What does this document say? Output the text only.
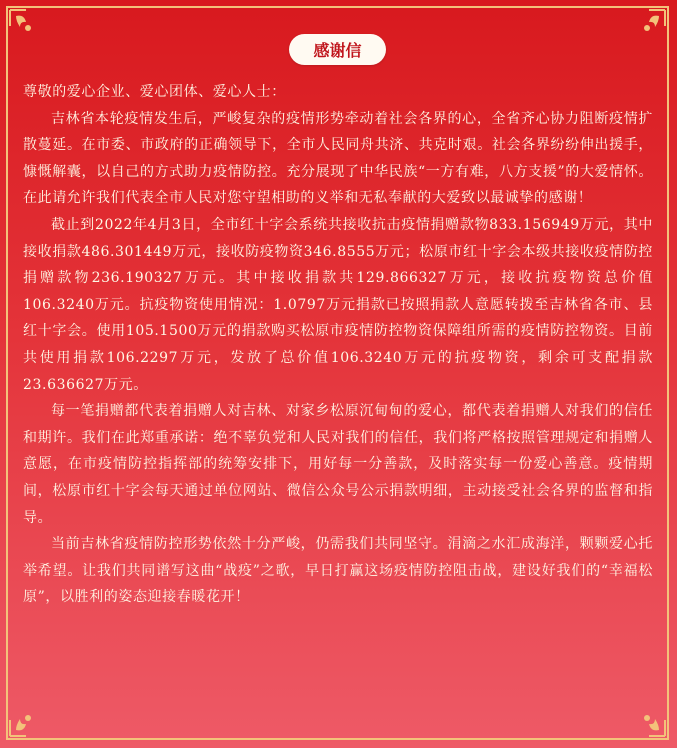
感谢信

尊敬的爱心企业、爱心团体、爱心人士：

吉林省本轮疫情发生后，严峻复杂的疫情形势牵动着社会各界的心，全省齐心协力阻断疫情扩散蔓延。在市委、市政府的正确领导下，全市人民同舟共济、共克时艰。社会各界纷纷伸出援手，慷慨解囊，以自己的方式助力疫情防控。充分展现了中华民族“一方有难，八方支援”的大爱情怀。在此请允许我们代表全市人民对您守望相助的义举和无私奉献的大爱致以最诚挚的感谢！

截止到2022年4月3日，全市红十字会系统共接收抗击疫情捐赠款物833.156949万元，其中接收捐款486.301449万元，接收防疫物资346.8555万元；松原市红十字会本级共接收疫情防控捐赠款物236.190327万元。其中接收捐款共129.866327万元，接收抗疫物资总价值106.3240万元。抗疫物资使用情况：1.0797万元捐款已按照捐款人意愿转拨至吉林省各市、县红十字会。使用105.1500万元的捐款购买松原市疫情防控物资保障组所需的疫情防控物资。目前共使用捐款106.2297万元，发放了总价值106.3240万元的抗疫物资，剩余可支配捐款23.636627万元。

每一笔捐赠都代表着捐赠人对吉林、对家乡松原沉甸甸的爱心，都代表着捐赠人对我们的信任和期许。我们在此郑重承诺：绝不辜负党和人民对我们的信任，我们将严格按照管理规定和捐赠人意愿，在市疫情防控指挥部的统筹安排下，用好每一分善款，及时落实每一份爱心善意。疫情期间，松原市红十字会每天通过单位网站、微信公众号公示捐款明细，主动接受社会各界的监督和指导。

当前吉林省疫情防控形势依然十分严峻，仍需我们共同坚守。涓滴之水汇成海洋，颗颗爱心托举希望。让我们共同谱写这曲“战疫”之歌，早日打赢这场疫情防控阻击战，建设好我们的“幸福松原”，以胜利的姿态迎接春暖花开！
